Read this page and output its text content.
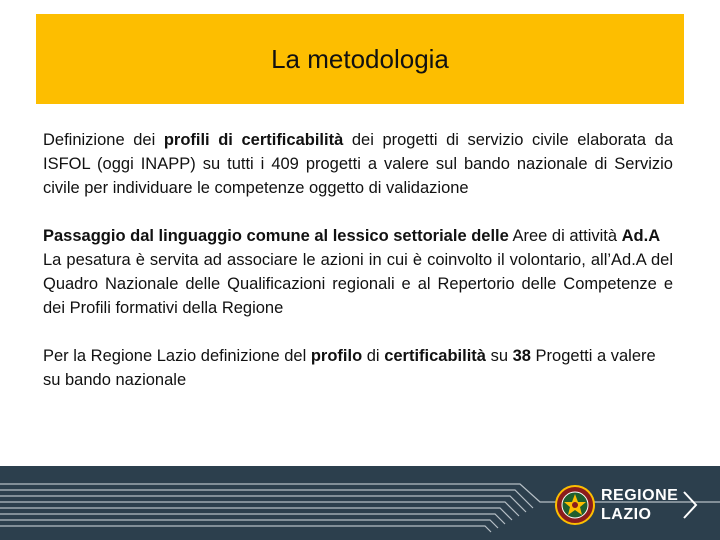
La metodologia

Definizione dei profili di certificabilità dei progetti di servizio civile elaborata da ISFOL (oggi INAPP) su tutti i 409 progetti a valere sul bando nazionale di Servizio civile per individuare le competenze oggetto di validazione

Passaggio dal linguaggio comune al lessico settoriale delle Aree di attività Ad.A

La pesatura è servita ad associare le azioni in cui è coinvolto il volontario, all’Ad.A del Quadro Nazionale delle Qualificazioni regionali e al Repertorio delle Competenze e dei Profili formativi della Regione

Per la Regione Lazio definizione del profilo di certificabilità su 38 Progetti a valere su bando nazionale

REGIONE
LAZIO
